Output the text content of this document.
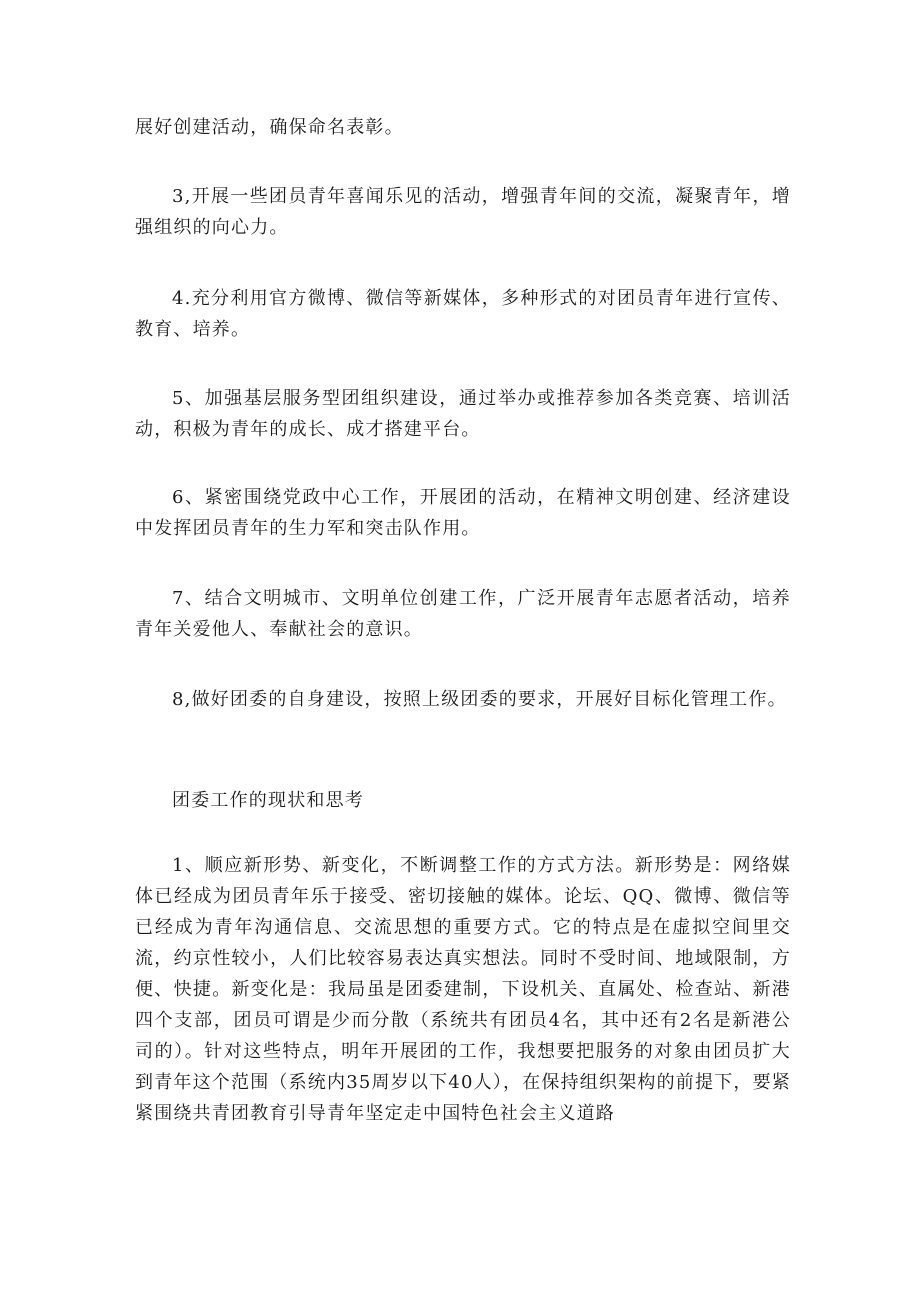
展好创建活动，确保命名表彰。

3,开展一些团员青年喜闻乐见的活动，增强青年间的交流，凝聚青年，增强组织的向心力。

4.充分利用官方微博、微信等新媒体，多种形式的对团员青年进行宣传、教育、培养。

5、加强基层服务型团组织建设，通过举办或推荐参加各类竞赛、培训活动，积极为青年的成长、成才搭建平台。

6、紧密围绕党政中心工作，开展团的活动，在精神文明创建、经济建设中发挥团员青年的生力军和突击队作用。

7、结合文明城市、文明单位创建工作，广泛开展青年志愿者活动，培养青年关爱他人、奉献社会的意识。

8,做好团委的自身建设，按照上级团委的要求，开展好目标化管理工作。

团委工作的现状和思考

1、顺应新形势、新变化，不断调整工作的方式方法。新形势是：网络媒体已经成为团员青年乐于接受、密切接触的媒体。论坛、QQ、微博、微信等已经成为青年沟通信息、交流思想的重要方式。它的特点是在虚拟空间里交流，约京性较小，人们比较容易表达真实想法。同时不受时间、地域限制，方便、快捷。新变化是：我局虽是团委建制，下设机关、直属处、检查站、新港四个支部，团员可谓是少而分散（系统共有团员4名，其中还有2名是新港公司的）。针对这些特点，明年开展团的工作，我想要把服务的对象由团员扩大到青年这个范围（系统内35周岁以下40人），在保持组织架构的前提下，要紧紧围绕共青团教育引导青年坚定走中国特色社会主义道路
